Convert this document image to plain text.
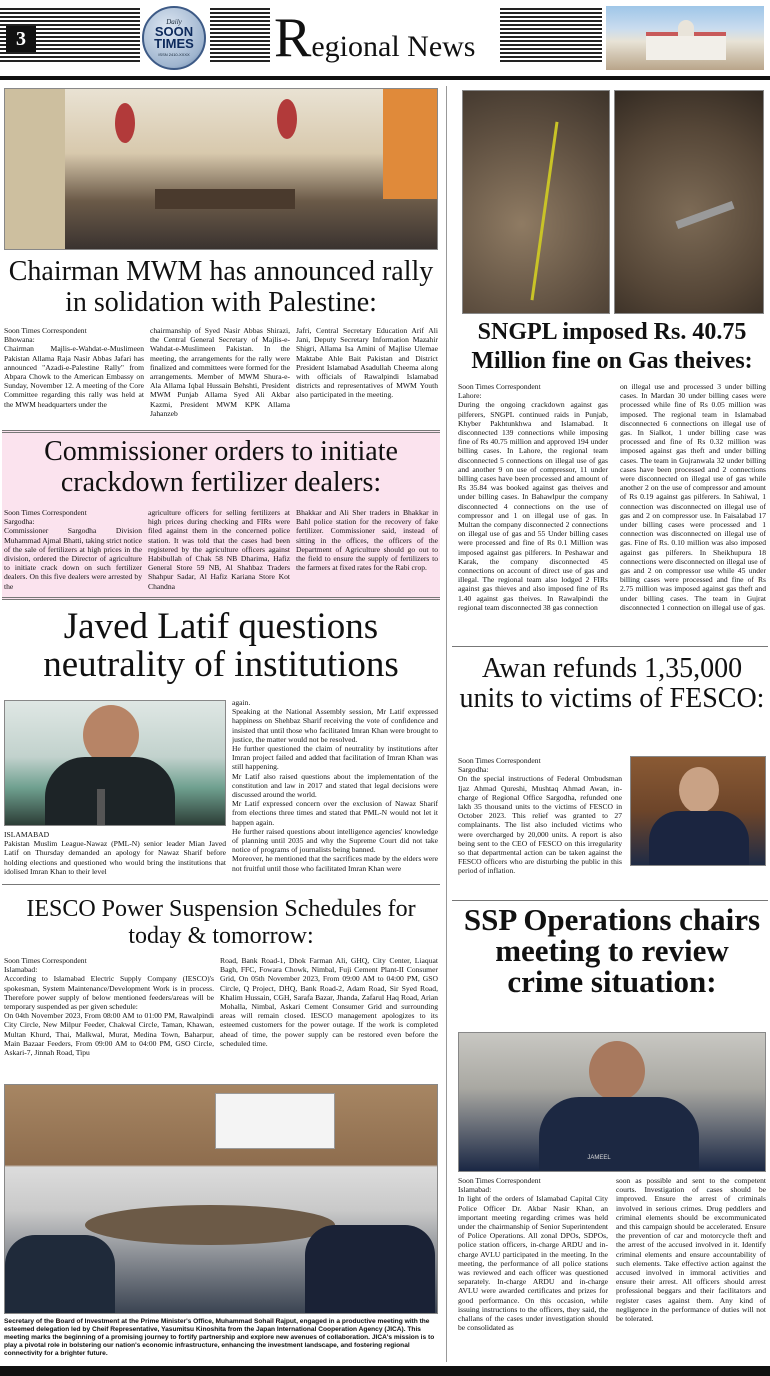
3
Daily
SOON TIMES
ISSN 2410-XXXX Regional News
Chairman MWM has announced rally in solidation with Palestine:
Soon Times Correspondent
Bhowana:
Chairman Majlis-e-Wahdat-e-Muslimeen Pakistan Allama Raja Nasir Abbas Jafari has announced "Azadi-e-Palestine Rally" from Abpara Chowk to the American Embassy on Sunday, November 12. A meeting of the Core Committee regarding this rally was held at the MWM headquarters under the
chairmanship of Syed Nasir Abbas Shirazi, the Central General Secretary of Majlis-e-Wahdat-e-Muslimeen Pakistan. In the meeting, the arrangements for the rally were finalized and committees were formed for the arrangements. Member of MWM Shura-e-Ala Allama Iqbal Hussain Behshti, President MWM Punjab Allama Syed Ali Akbar Kazmi, President MWM KPK Allama Jahanzeb
Jafri, Central Secretary Education Arif Ali Jani, Deputy Secretary Information Mazahir Shigri, Allama Isa Amini of Majlise Ulemae Maktabe Ahle Bait Pakistan and District President Islamabad Asadullah Cheema along with officials of Rawalpindi Islamabad districts and representatives of MWM Youth also participated in the meeting.
Commissioner orders to initiate crackdown fertilizer dealers:
Soon Times Correspondent
Sargodha:
Commissioner Sargodha Division Muhammad Ajmal Bhatti, taking strict notice of the sale of fertilizers at high prices in the division, ordered the Director of agriculture to initiate crack down on such fertilizer dealers. On this five dealers were arrested by the
agriculture officers for selling fertilizers at high prices during checking and FIRs were filed against them in the concerned police station. It was told that the cases had been registered by the agriculture officers against Habibullah of Chak 58 NB Dharima, Hafiz General Store 59 NB, Al Shahbaz Traders Shahpur Sadar, Al Hafiz Kariana Store Kot Chandna
Bhakkar and Ali Sher traders in Bhakkar in Bahl police station for the recovery of fake fertilizer. Commissioner said, instead of sitting in the offices, the officers of the Department of Agriculture should go out to the field to ensure the supply of fertilizers to the farmers at fixed rates for the Rabi crop.
Javed Latif questions neutrality of institutions
ISLAMABAD
Pakistan Muslim League-Nawaz (PML-N) senior leader Mian Javed Latif on Thursday demanded an apology for Nawaz Sharif before holding elections and questioned who would bring the institutions that idolised Imran Khan to their level
again.
Speaking at the National Assembly session, Mr Latif expressed happiness on Shehbaz Sharif receiving the vote of confidence and insisted that until those who facilitated Imran Khan were brought to justice, the matter would not be resolved.
He further questioned the claim of neutrality by institutions after Imran project failed and added that facilitation of Imran Khan was still happening.
Mr Latif also raised questions about the implementation of the constitution and law in 2017 and stated that legal decisions were discussed around the world.
Mr Latif expressed concern over the exclusion of Nawaz Sharif from elections three times and stated that PML-N would not let it happen again.
He further raised questions about intelligence agencies' knowledge of planning until 2035 and why the Supreme Court did not take notice of programs of journalists being banned.
Moreover, he mentioned that the sacrifices made by the elders were not fruitful until those who facilitated Imran Khan were
IESCO Power Suspension Schedules for today & tomorrow:
Soon Times Correspondent
Islamabad:
According to Islamabad Electric Supply Company (IESCO)'s spokesman, System Maintenance/Development Work is in process. Therefore power supply of below mentioned feeders/areas will be temporary suspended as per given schedule:
On 04th November 2023, From 08:00 AM to 01:00 PM, Rawalpindi City Circle, New Milpur Feeder, Chakwal Circle, Taman, Khawan, Multan Khurd, Thai, Malkwal, Murat, Medina Town, Baharpur, Main Bazaar Feeders, From 09:00 AM to 04:00 PM, GSO Circle, Askari-7, Jinnah Road, Tipu
Road, Bank Road-1, Dhok Farman Ali, GHQ, City Center, Liaquat Bagh, FFC, Fowara Chowk, Nimbal, Fuji Cement Plant-II Consumer Grid, On 05th November 2023, From 09:00 AM to 04:00 PM, GSO Circle, Q Project, DHQ, Bank Road-2, Adam Road, Sir Syed Road, Khalim Hussain, CGH, Sarafa Bazar, Jhanda, Zafarul Haq Road, Arian Mohalla, Nimbal, Askari Cement Consumer Grid and surrounding areas will remain closed. IESCO management apologizes to its esteemed customers for the power outage. If the work is completed ahead of time, the power supply can be restored even before the scheduled time.
Secretary of the Board of Investment at the Prime Minister's Office, Muhammad Sohail Rajput, engaged in a productive meeting with the esteemed delegation led by Cheif Representative, Yasumitsu Kinoshita from the Japan International Cooperation Agency (JICA). This meeting marks the beginning of a promising journey to fortify partnership and explore new avenues of collaboration. JICA's mission is to play a pivotal role in bolstering our nation's economic infrastructure, enhancing the investment landscape, and fostering regional connectivity for a brighter future.
SNGPL imposed Rs. 40.75 Million fine on Gas theives:
Soon Times Correspondent
Lahore:
During the ongoing crackdown against gas pilferers, SNGPL continued raids in Punjab, Khyber Pakhtunkhwa and Islamabad. It disconnected 139 connections while imposing fine of Rs 40.75 million and approved 194 under billing cases. In Lahore, the regional team disconnected 5 connections on illegal use of gas and another 9 on use of compressor, 11 under billing cases have been processed and amount of Rs 35.84 was booked against gas theives and under billing cases. In Bahawlpur the company disconnected 4 connections on the use of compressor and 1 on illegal use of gas. In Multan the company disconnected 2 connections on illegal use of gas and 55 Under billing cases were processed and fine of Rs 0.1 Million was imposed against gas pilferers. In Peshawar and Karak, the company disconnected 45 connections on account of direct use of gas and illegal. The regional team also lodged 2 FIRs against gas thieves and also imposed fine of Rs 1.40 against gas theives. In Rawalpindi the regional team disconnected 38 gas connection
on illegal use and processed 3 under billing cases. In Mardan 30 under billing cases were processed while fine of Rs 0.05 million was imposed. The regional team in Islamabad disconnected 6 connections on illegal use of gas. In Sialkot, 1 under billing case was processed and fine of Rs 0.32 million was imposed against gas theft and under billing cases. The team in Gujranwala 32 under billing cases have been processed and 2 connections were disconnected on illegal use of gas while another 2 on the use of compressor and amount of Rs 0.19 against gas pilferers. In Sahiwal, 1 connection was disconnected on illegal use of gas and 2 on compressor use. In Faisalabad 17 under billing cases were processed and 1 connection was disconnected on illegal use of gas. Fine of Rs. 0.10 million was also imposed against gas pilferers. In Sheikhupura 18 connections were disconnected on illegal use of gas and 2 on compressor use while 45 under billing cases were processed and fine of Rs 2.75 million was imposed against gas theft and under billing cases. The team in Gujrat disconnected 1 connection on illegal use of gas.
Awan refunds 1,35,000 units to victims of FESCO:
Soon Times Correspondent
Sargodha:
On the special instructions of Federal Ombudsman Ijaz Ahmad Qureshi, Mushtaq Ahmad Awan, in-charge of Regional Office Sargodha, refunded one lakh 35 thousand units to the victims of FESCO in October 2023. This relief was granted to 27 complainants. The list also included victims who were overcharged by 20,000 units. A report is also being sent to the CEO of FESCO on this irregularity so that departmental action can be taken against the FESCO officers who are disturbing the public in this period of inflation.
SSP Operations chairs meeting to review crime situation:
JAMEEL
Soon Times Correspondent
Islamabad:
In light of the orders of Islamabad Capital City Police Officer Dr. Akbar Nasir Khan, an important meeting regarding crimes was held under the chairmanship of Senior Superintendent of Police Operations. All zonal DPOs, SDPOs, police station officers, in-charge ARDU and in-charge AVLU participated in the meeting. In the meeting, the performance of all police stations was reviewed and each officer was questioned separately. In-charge ARDU and in-charge AVLU were awarded certificates and prizes for good performance. On this occasion, while issuing instructions to the officers, they said, the challans of the cases under investigation should be consolidated as
soon as possible and sent to the competent courts. Investigation of cases should be improved. Ensure the arrest of criminals involved in serious crimes. Drug peddlers and criminal elements should be excommunicated and this campaign should be accelerated. Ensure the prevention of car and motorcycle theft and the arrest of the accused involved in it. Identify criminal elements and ensure accountability of such elements. Take effective action against the accused involved in immoral activities and ensure their arrest. All officers should arrest professional beggars and their facilitators and register cases against them. Any kind of negligence in the performance of duties will not be tolerated.
